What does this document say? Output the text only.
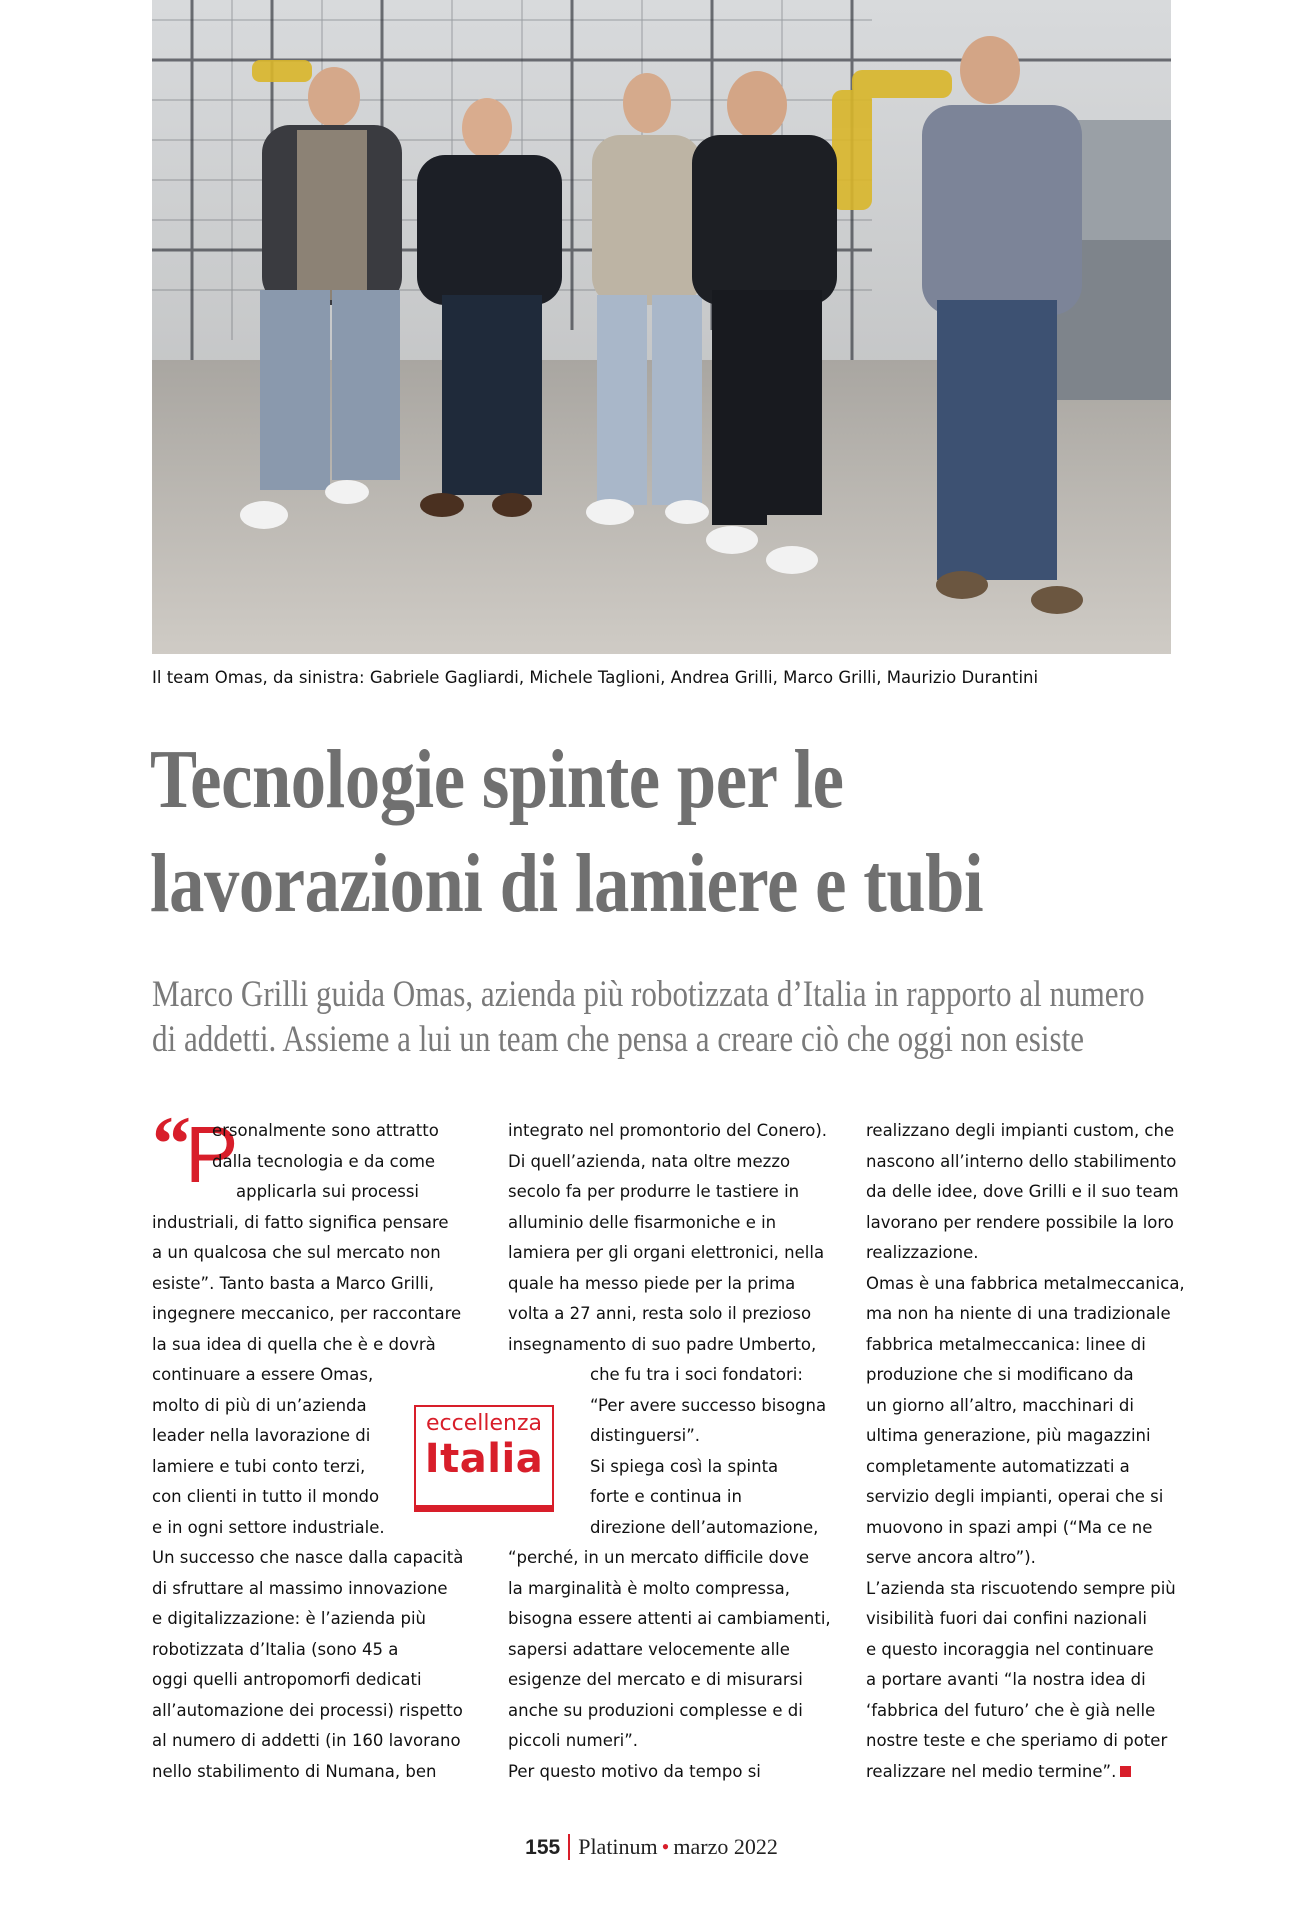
Il team Omas, da sinistra: Gabriele Gagliardi, Michele Taglioni, Andrea Grilli, Marco Grilli, Maurizio Durantini
Tecnologie spinte per le
lavorazioni di lamiere e tubi

Marco Grilli guida Omas, azienda più robotizzata d’Italia in rapporto al numero
di addetti. Assieme a lui un team che pensa a creare ciò che oggi non esiste

“
P
ersonalmente sono attratto
dalla tecnologia e da come
applicarla sui processi
industriali, di fatto significa pensare
a un qualcosa che sul mercato non
esiste”. Tanto basta a Marco Grilli,
ingegnere meccanico, per raccontare
la sua idea di quella che è e dovrà
continuare a essere Omas,
molto di più di un’azienda
leader nella lavorazione di
lamiere e tubi conto terzi,
con clienti in tutto il mondo
e in ogni settore industriale.
Un successo che nasce dalla capacità
di sfruttare al massimo innovazione
e digitalizzazione: è l’azienda più
robotizzata d’Italia (sono 45 a
oggi quelli antropomorfi dedicati
all’automazione dei processi) rispetto
al numero di addetti (in 160 lavorano
nello stabilimento di Numana, ben
eccellenza
Italia
integrato nel promontorio del Conero).
Di quell’azienda, nata oltre mezzo
secolo fa per produrre le tastiere in
alluminio delle fisarmoniche e in
lamiera per gli organi elettronici, nella
quale ha messo piede per la prima
volta a 27 anni, resta solo il prezioso
insegnamento di suo padre Umberto,
che fu tra i soci fondatori:
“Per avere successo bisogna
distinguersi”.
Si spiega così la spinta
forte e continua in
direzione dell’automazione,
“perché, in un mercato difficile dove
la marginalità è molto compressa,
bisogna essere attenti ai cambiamenti,
sapersi adattare velocemente alle
esigenze del mercato e di misurarsi
anche su produzioni complesse e di
piccoli numeri”.
Per questo motivo da tempo si
realizzano degli impianti custom, che
nascono all’interno dello stabilimento
da delle idee, dove Grilli e il suo team
lavorano per rendere possibile la loro
realizzazione.
Omas è una fabbrica metalmeccanica,
ma non ha niente di una tradizionale
fabbrica metalmeccanica: linee di
produzione che si modificano da
un giorno all’altro, macchinari di
ultima generazione, più magazzini
completamente automatizzati a
servizio degli impianti, operai che si
muovono in spazi ampi (“Ma ce ne
serve ancora altro”).
L’azienda sta riscuotendo sempre più
visibilità fuori dai confini nazionali
e questo incoraggia nel continuare
a portare avanti “la nostra idea di
‘fabbrica del futuro’ che è già nelle
nostre teste e che speriamo di poter
realizzare nel medio termine”.
155 Platinum • marzo 2022
